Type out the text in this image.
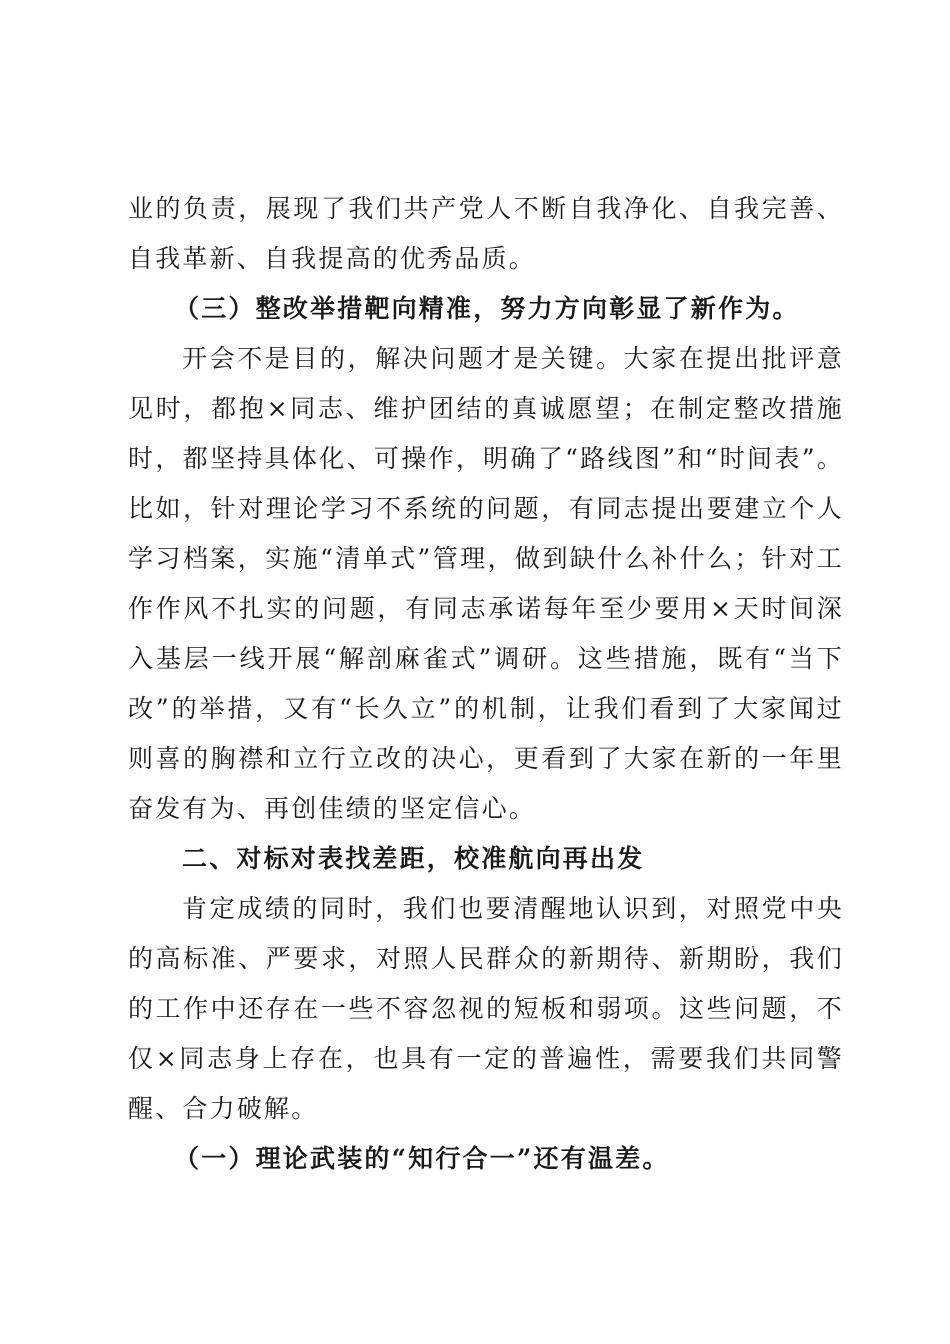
业的负责，展现了我们共产党人不断自我净化、自我完善、自我革新、自我提高的优秀品质。

（三）整改举措靶向精准，努力方向彰显了新作为。

开会不是目的，解决问题才是关键。大家在提出批评意见时，都抱×同志、维护团结的真诚愿望；在制定整改措施时，都坚持具体化、可操作，明确了“路线图”和“时间表”。比如，针对理论学习不系统的问题，有同志提出要建立个人学习档案，实施“清单式”管理，做到缺什么补什么；针对工作作风不扎实的问题，有同志承诺每年至少要用×天时间深入基层一线开展“解剖麻雀式”调研。这些措施，既有“当下改”的举措，又有“长久立”的机制，让我们看到了大家闻过则喜的胸襟和立行立改的决心，更看到了大家在新的一年里奋发有为、再创佳绩的坚定信心。

二、对标对表找差距，校准航向再出发

肯定成绩的同时，我们也要清醒地认识到，对照党中央的高标准、严要求，对照人民群众的新期待、新期盼，我们的工作中还存在一些不容忽视的短板和弱项。这些问题，不仅×同志身上存在，也具有一定的普遍性，需要我们共同警醒、合力破解。

（一）理论武装的“知行合一”还有温差。
